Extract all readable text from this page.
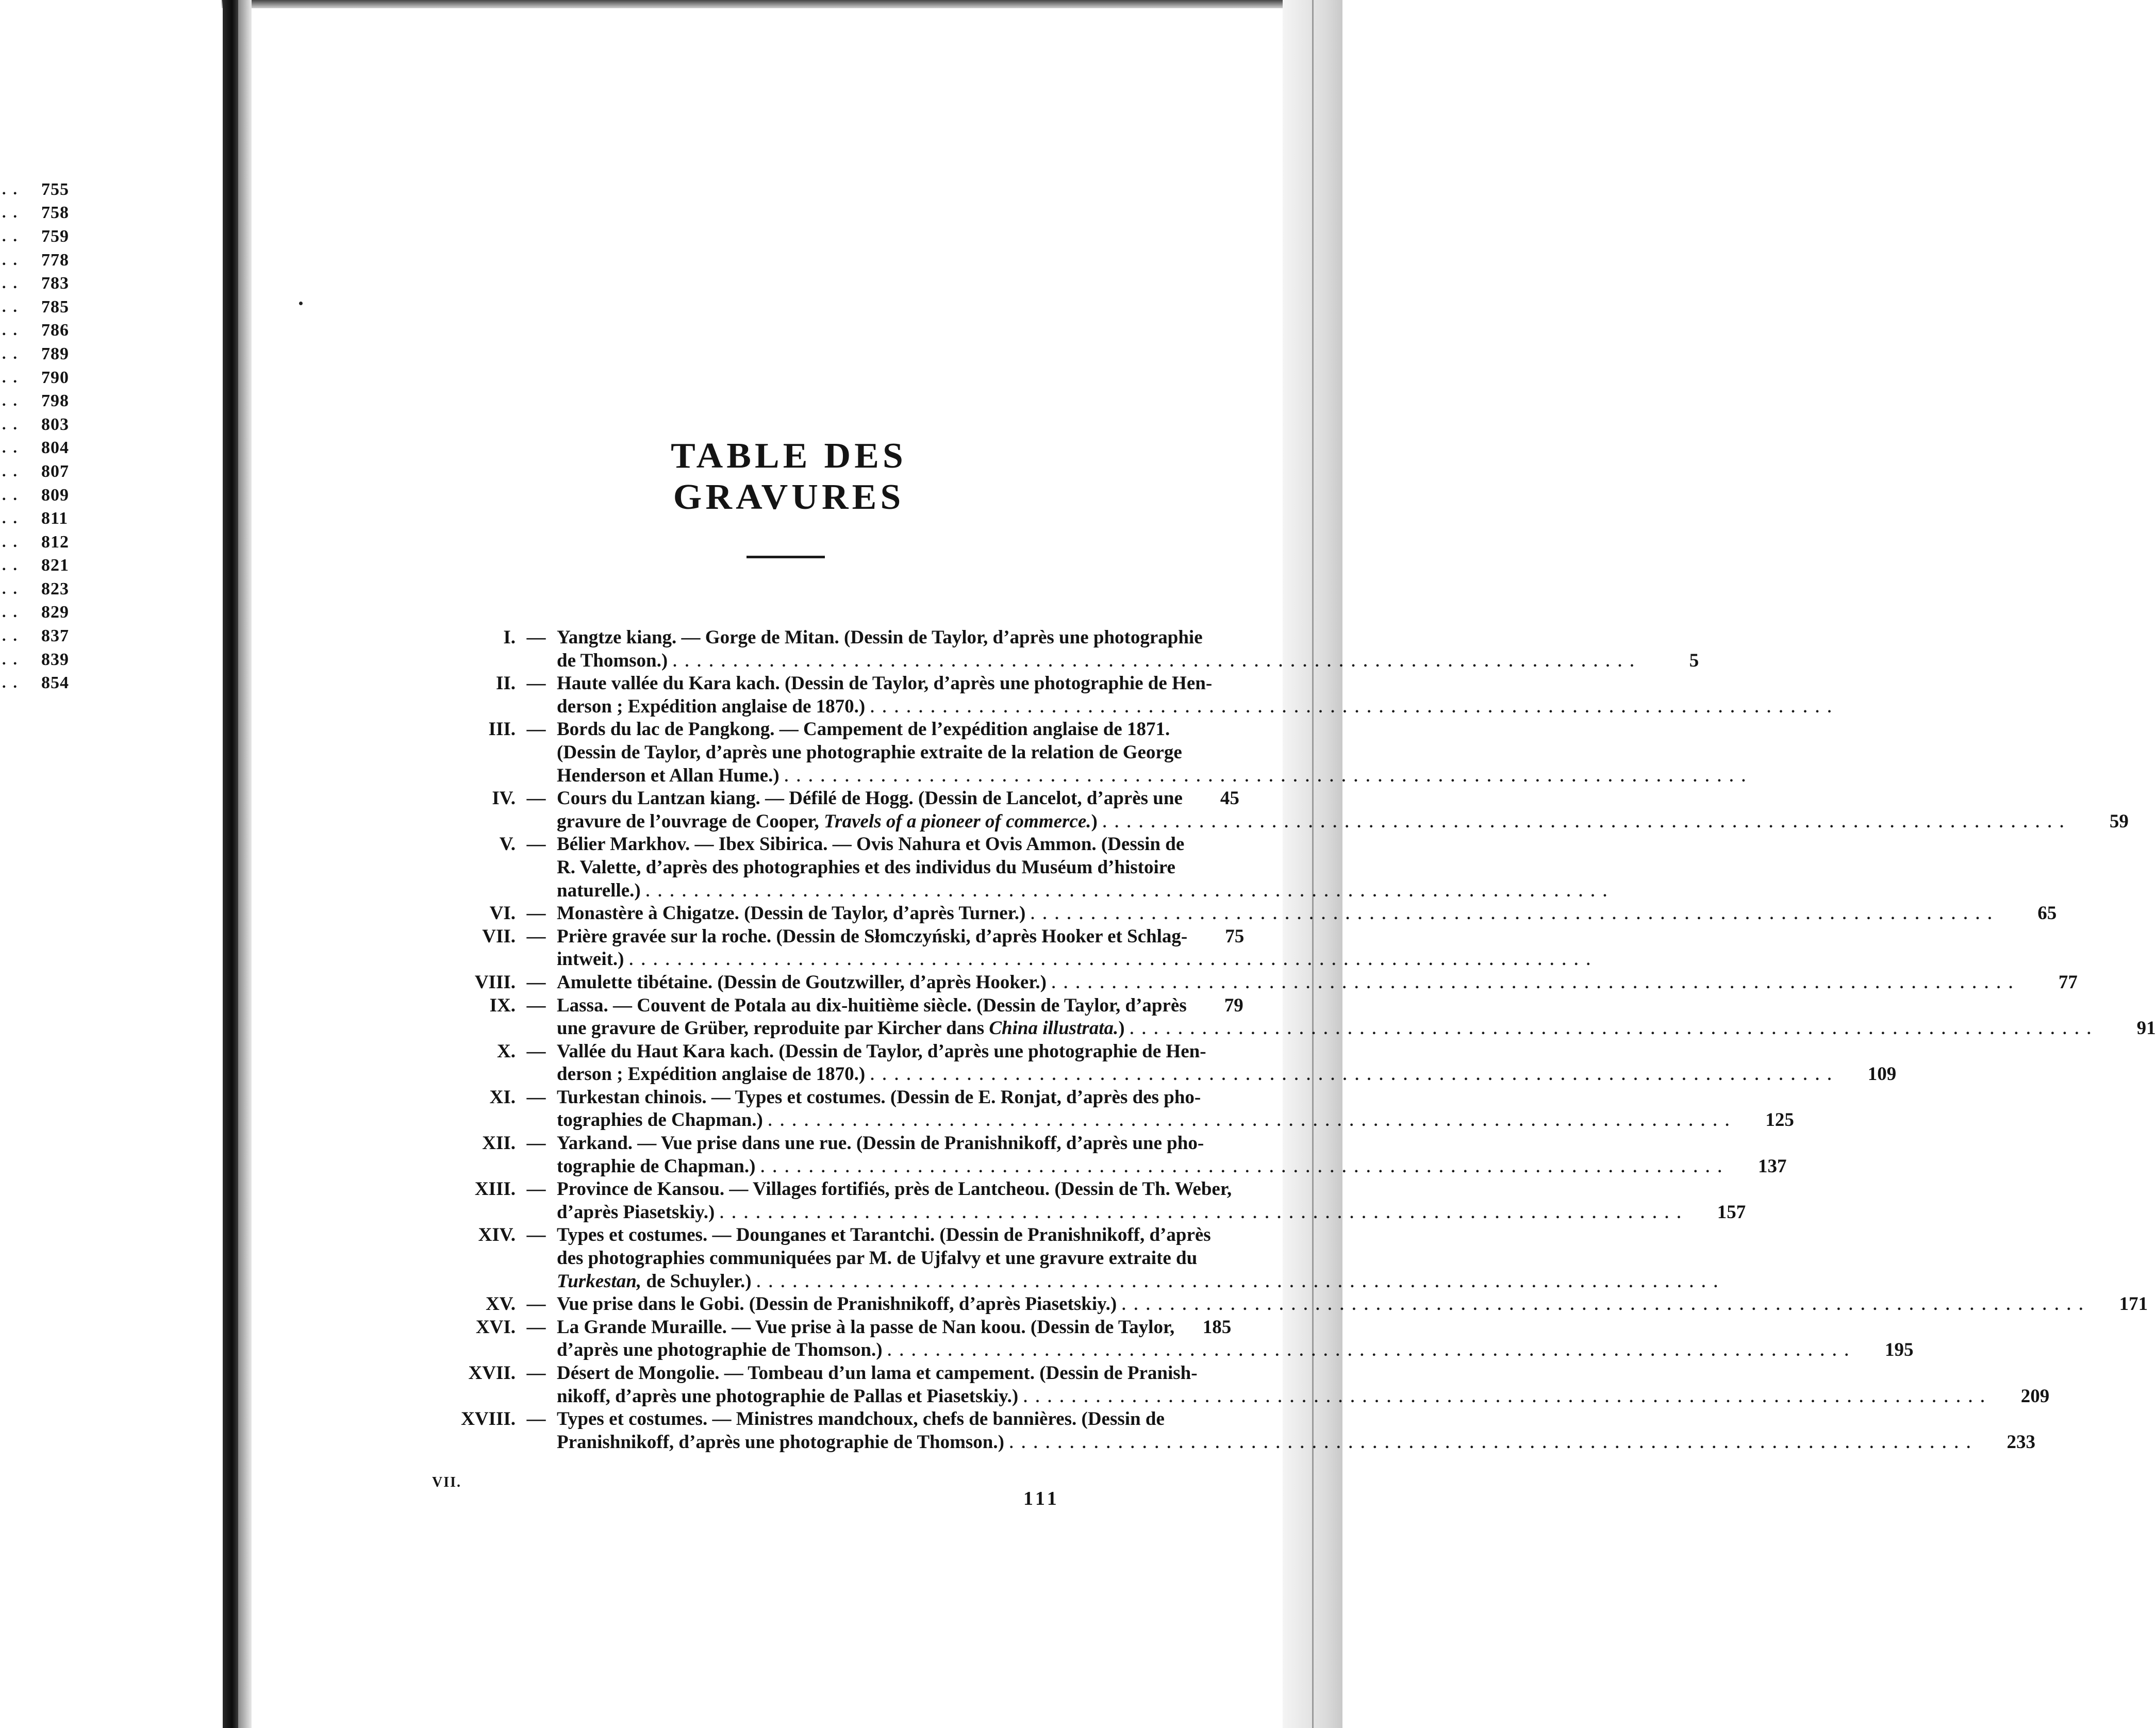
.. 755
.. 758
.. 759
.. 778
.. 783
.. 785
.. 786
.. 789
.. 790
.. 798
.. 803
.. 804
.. 807
.. 809
.. 811
.. 812
.. 821
.. 823
.. 829
.. 837
.. 839
.. 854
TABLE DES GRAVURES
I. — Yangtze kiang. — Gorge de Mitan. (Dessin de Taylor, d’après une photographie
de Thomson.) ................................................................................	5
II. — Haute vallée du Kara kach. (Dessin de Taylor, d’après une photographie de Hen-
derson ; Expédition anglaise de 1870.) ................................................................................
III. — Bords du lac de Pangkong. — Campement de l’expédition anglaise de 1871.
(Dessin de Taylor, d’après une photographie extraite de la relation de George
Henderson et Allan Hume.) ................................................................................
IV. — Cours du Lantzan kiang. — Défilé de Hogg. (Dessin de Lancelot, d’après une	45
gravure de l’ouvrage de Cooper, Travels of a pioneer of commerce.) ................................................................................	59
V. — Bélier Markhov. — Ibex Sibirica. — Ovis Nahura et Ovis Ammon. (Dessin de
R. Valette, d’après des photographies et des individus du Muséum d’histoire
naturelle.) ................................................................................
VI. — Monastère à Chigatze. (Dessin de Taylor, d’après Turner.) ................................................................................	65
VII. — Prière gravée sur la roche. (Dessin de Słomczyński, d’après Hooker et Schlag-	75
intweit.) ................................................................................
VIII. — Amulette tibétaine. (Dessin de Goutzwiller, d’après Hooker.) ................................................................................	77
IX. — Lassa. — Couvent de Potala au dix-huitième siècle. (Dessin de Taylor, d’après	79
une gravure de Grüber, reproduite par Kircher dans China illustrata.) ................................................................................	91
X. — Vallée du Haut Kara kach. (Dessin de Taylor, d’après une photographie de Hen-
derson ; Expédition anglaise de 1870.) ................................................................................	109
XI. — Turkestan chinois. — Types et costumes. (Dessin de E. Ronjat, d’après des pho-
tographies de Chapman.) ................................................................................	125
XII. — Yarkand. — Vue prise dans une rue. (Dessin de Pranishnikoff, d’après une pho-
tographie de Chapman.) ................................................................................	137
XIII. — Province de Kansou. — Villages fortifiés, près de Lantcheou. (Dessin de Th. Weber,
d’après Piasetskiy.) ................................................................................	157
XIV. — Types et costumes. — Dounganes et Tarantchi. (Dessin de Pranishnikoff, d’après
des photographies communiquées par M. de Ujfalvy et une gravure extraite du
Turkestan, de Schuyler.) ................................................................................
XV. — Vue prise dans le Gobi. (Dessin de Pranishnikoff, d’après Piasetskiy.) ................................................................................	171
XVI. — La Grande Muraille. — Vue prise à la passe de Nan koou. (Dessin de Taylor,	185
d’après une photographie de Thomson.) ................................................................................	195
XVII. — Désert de Mongolie. — Tombeau d’un lama et campement. (Dessin de Pranish-
nikoff, d’après une photographie de Pallas et Piasetskiy.) ................................................................................	209
XVIII. — Types et costumes. — Ministres mandchoux, chefs de bannières. (Dessin de
Pranishnikoff, d’après une photographie de Thomson.) ................................................................................	233
VII.
111
